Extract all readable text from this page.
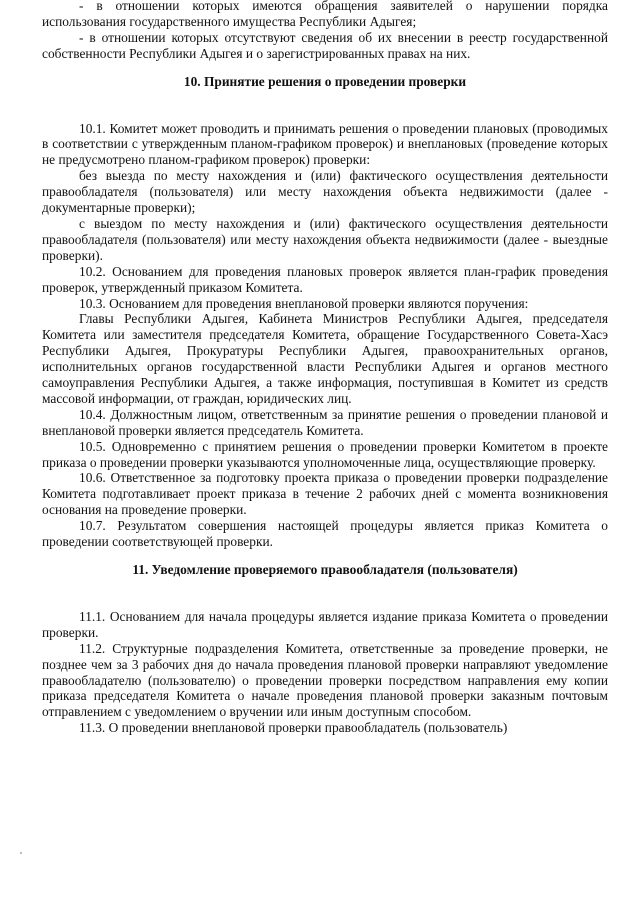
- в отношении которых имеются обращения заявителей о нарушении порядка использования государственного имущества Республики Адыгея;

- в отношении которых отсутствуют сведения об их внесении в реестр государственной собственности Республики Адыгея и о зарегистрированных правах на них.

10. Принятие решения о проведении проверки

10.1. Комитет может проводить и принимать решения о проведении плановых (проводимых в соответствии с утвержденным планом-графиком проверок) и внеплановых (проведение которых не предусмотрено планом-графиком проверок) проверки:

без выезда по месту нахождения и (или) фактического осуществления деятельности правообладателя (пользователя) или месту нахождения объекта недвижимости (далее - документарные проверки);

с выездом по месту нахождения и (или) фактического осуществления деятельности правообладателя (пользователя) или месту нахождения объекта недвижимости (далее - выездные проверки).

10.2. Основанием для проведения плановых проверок является план-график проведения проверок, утвержденный приказом Комитета.

10.3. Основанием для проведения внеплановой проверки являются поручения:

Главы Республики Адыгея, Кабинета Министров Республики Адыгея, председателя Комитета или заместителя председателя Комитета, обращение Государственного Совета-Хасэ Республики Адыгея, Прокуратуры Республики Адыгея, правоохранительных органов, исполнительных органов государственной власти Республики Адыгея и органов местного самоуправления Республики Адыгея, а также информация, поступившая в Комитет из средств массовой информации, от граждан, юридических лиц.

10.4. Должностным лицом, ответственным за принятие решения о проведении плановой и внеплановой проверки является председатель Комитета.

10.5. Одновременно с принятием решения о проведении проверки Комитетом в проекте приказа о проведении проверки указываются уполномоченные лица, осуществляющие проверку.

10.6. Ответственное за подготовку проекта приказа о проведении проверки подразделение Комитета подготавливает проект приказа в течение 2 рабочих дней с момента возникновения основания на проведение проверки.

10.7. Результатом совершения настоящей процедуры является приказ Комитета о проведении соответствующей проверки.

11. Уведомление проверяемого правообладателя (пользователя)

11.1. Основанием для начала процедуры является издание приказа Комитета о проведении проверки.

11.2. Структурные подразделения Комитета, ответственные за проведение проверки, не позднее чем за 3 рабочих дня до начала проведения плановой проверки направляют уведомление правообладателю (пользователю) о проведении проверки посредством направления ему копии приказа председателя Комитета о начале проведения плановой проверки заказным почтовым отправлением с уведомлением о вручении или иным доступным способом.

11.3. О проведении внеплановой проверки правообладатель (пользователь)
